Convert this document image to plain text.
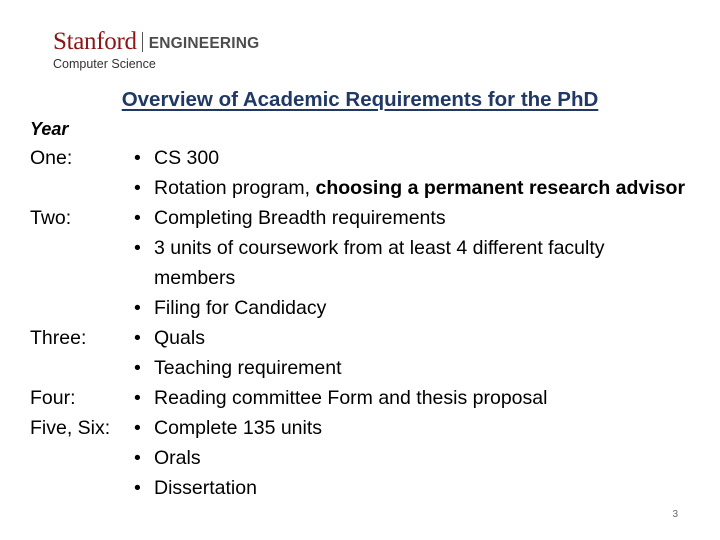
Stanford ENGINEERING
Computer Science
Overview of Academic Requirements for the PhD
Year
One:	• CS 300
• Rotation program, choosing a permanent research advisor
Two:	• Completing Breadth requirements
• 3 units of coursework from at least 4 different faculty members
• Filing for Candidacy
Three:	• Quals
• Teaching requirement
Four:	• Reading committee Form and thesis proposal
Five, Six:	• Complete 135 units
• Orals
• Dissertation
3
